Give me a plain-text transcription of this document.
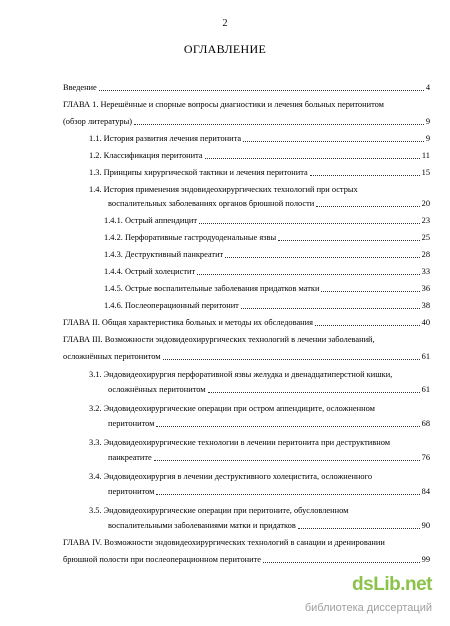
2
ОГЛАВЛЕНИЕ
Введение	4
ГЛАВА 1. Нерешённые и спорные вопросы диагностики и лечения больных перитонитом
(обзор литературы)	9
1.1. История развития лечения перитонита	9
1.2. Классификация перитонита	11
1.3. Принципы хирургической тактики и лечения перитонита	15
1.4. История применения эндовидеохирургических технологий при острых
воспалительных заболеваниях органов брюшной полости	20
1.4.1. Острый аппендицит	23
1.4.2. Перфоративные гастродуоденальные язвы	25
1.4.3. Деструктивный панкреатит	28
1.4.4. Острый холецистит	33
1.4.5. Острые воспалительные заболевания придатков матки	36
1.4.6. Послеоперационный перитонит	38
ГЛАВА II. Общая характеристика больных и методы их обследования	40
ГЛАВА III. Возможности эндовидеохирургических технологий в лечении заболеваний,
осложнённых перитонитом	61
3.1. Эндовидеохирургия перфоративной язвы желудка и двенадцатиперстной кишки,
осложнённых перитонитом	61
3.2. Эндовидеохирургические операции при остром аппендиците, осложненном
перитонитом	68
3.3. Эндовидеохирургические технологии в лечении перитонита при деструктивном
панкреатите	76
3.4. Эндовидеохирургия в лечении деструктивного холецистита, осложненного
перитонитом	84
3.5. Эндовидеохирургические операции при перитоните, обусловленном
воспалительными заболеваниями матки и придатков	90
ГЛАВА IV. Возможности эндовидеохирургических технологий в санации и дренировании
брюшной полости при послеоперационном перитоните	99
dsLib.net
библиотека диссертаций
